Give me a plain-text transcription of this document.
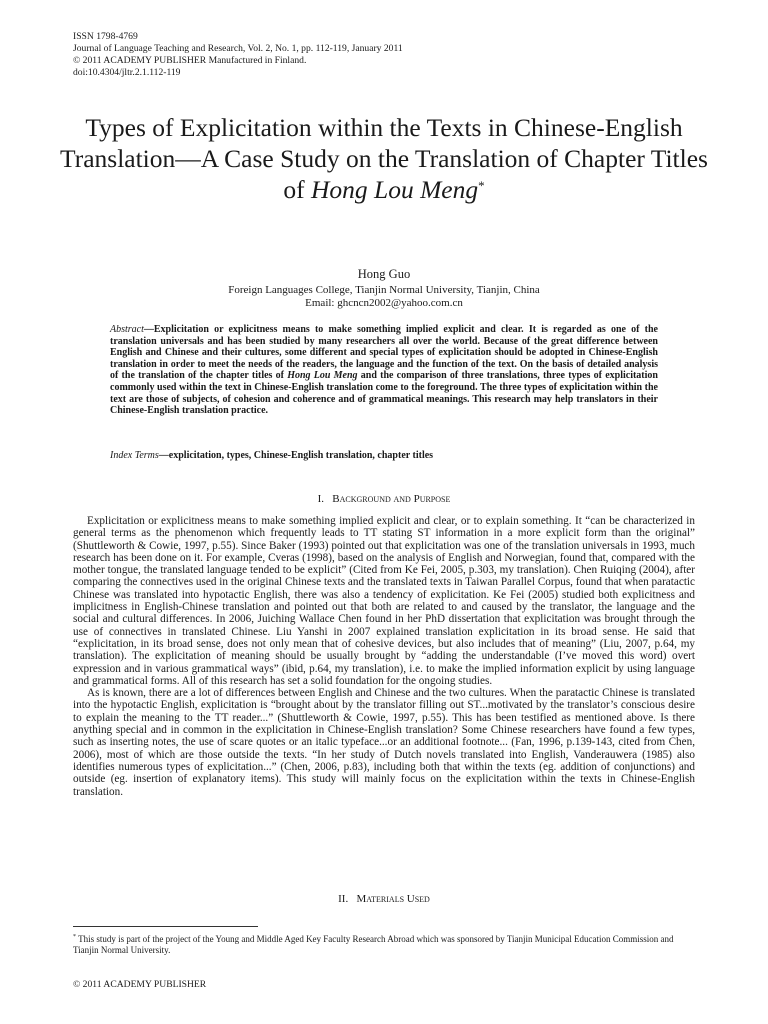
ISSN 1798-4769
Journal of Language Teaching and Research, Vol. 2, No. 1, pp. 112-119, January 2011
© 2011 ACADEMY PUBLISHER Manufactured in Finland.
doi:10.4304/jltr.2.1.112-119
Types of Explicitation within the Texts in Chinese-English Translation—A Case Study on the Translation of Chapter Titles of Hong Lou Meng*
Hong Guo
Foreign Languages College, Tianjin Normal University, Tianjin, China
Email: ghcncn2002@yahoo.com.cn
Abstract—Explicitation or explicitness means to make something implied explicit and clear. It is regarded as one of the translation universals and has been studied by many researchers all over the world. Because of the great difference between English and Chinese and their cultures, some different and special types of explicitation should be adopted in Chinese-English translation in order to meet the needs of the readers, the language and the function of the text. On the basis of detailed analysis of the translation of the chapter titles of Hong Lou Meng and the comparison of three translations, three types of explicitation commonly used within the text in Chinese-English translation come to the foreground. The three types of explicitation within the text are those of subjects, of cohesion and coherence and of grammatical meanings. This research may help translators in their Chinese-English translation practice.
Index Terms—explicitation, types, Chinese-English translation, chapter titles
I. Background and Purpose

Explicitation or explicitness means to make something implied explicit and clear, or to explain something. It “can be characterized in general terms as the phenomenon which frequently leads to TT stating ST information in a more explicit form than the original” (Shuttleworth & Cowie, 1997, p.55). Since Baker (1993) pointed out that explicitation was one of the translation universals in 1993, much research has been done on it. For example, Cveras (1998), based on the analysis of English and Norwegian, found that, compared with the mother tongue, the translated language tended to be explicit” (Cited from Ke Fei, 2005, p.303, my translation). Chen Ruiqing (2004), after comparing the connectives used in the original Chinese texts and the translated texts in Taiwan Parallel Corpus, found that when paratactic Chinese was translated into hypotactic English, there was also a tendency of explicitation. Ke Fei (2005) studied both explicitness and implicitness in English-Chinese translation and pointed out that both are related to and caused by the translator, the language and the social and cultural differences. In 2006, Juiching Wallace Chen found in her PhD dissertation that explicitation was brought through the use of connectives in translated Chinese. Liu Yanshi in 2007 explained translation explicitation in its broad sense. He said that “explicitation, in its broad sense, does not only mean that of cohesive devices, but also includes that of meaning” (Liu, 2007, p.64, my translation). The explicitation of meaning should be usually brought by “adding the understandable (I’ve moved this word) overt expression and in various grammatical ways” (ibid, p.64, my translation), i.e. to make the implied information explicit by using language and grammatical forms. All of this research has set a solid foundation for the ongoing studies.

As is known, there are a lot of differences between English and Chinese and the two cultures. When the paratactic Chinese is translated into the hypotactic English, explicitation is “brought about by the translator filling out ST...motivated by the translator’s conscious desire to explain the meaning to the TT reader...” (Shuttleworth & Cowie, 1997, p.55). This has been testified as mentioned above. Is there anything special and in common in the explicitation in Chinese-English translation? Some Chinese researchers have found a few types, such as inserting notes, the use of scare quotes or an italic typeface...or an additional footnote... (Fan, 1996, p.139-143, cited from Chen, 2006), most of which are those outside the texts. “In her study of Dutch novels translated into English, Vanderauwera (1985) also identifies numerous types of explicitation...” (Chen, 2006, p.83), including both that within the texts (eg. addition of conjunctions) and outside (eg. insertion of explanatory items). This study will mainly focus on the explicitation within the texts in Chinese-English translation.

II. Materials Used
* This study is part of the project of the Young and Middle Aged Key Faculty Research Abroad which was sponsored by Tianjin Municipal Education Commission and Tianjin Normal University.
© 2011 ACADEMY PUBLISHER
